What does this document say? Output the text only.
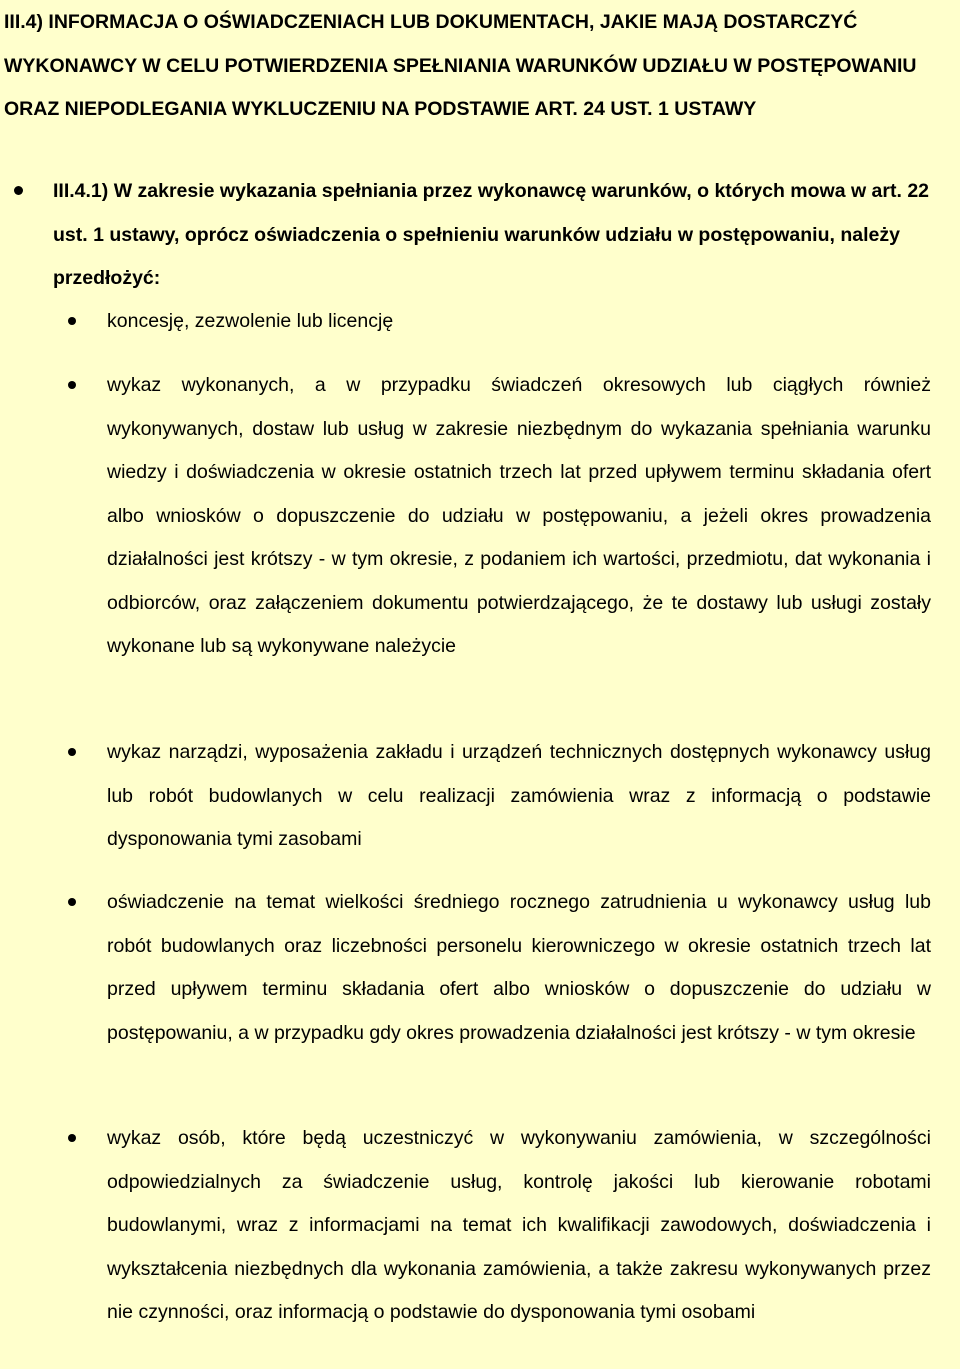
III.4) INFORMACJA O OŚWIADCZENIACH LUB DOKUMENTACH, JAKIE MAJĄ DOSTARCZYĆ WYKONAWCY W CELU POTWIERDZENIA SPEŁNIANIA WARUNKÓW UDZIAŁU W POSTĘPOWANIU ORAZ NIEPODLEGANIA WYKLUCZENIU NA PODSTAWIE ART. 24 UST. 1 USTAWY

III.4.1) W zakresie wykazania spełniania przez wykonawcę warunków, o których mowa w art. 22 ust. 1 ustawy, oprócz oświadczenia o spełnieniu warunków udziału w postępowaniu, należy przedłożyć:

koncesję, zezwolenie lub licencję

wykaz wykonanych, a w przypadku świadczeń okresowych lub ciągłych również wykonywanych, dostaw lub usług w zakresie niezbędnym do wykazania spełniania warunku wiedzy i doświadczenia w okresie ostatnich trzech lat przed upływem terminu składania ofert albo wniosków o dopuszczenie do udziału w postępowaniu, a jeżeli okres prowadzenia działalności jest krótszy - w tym okresie, z podaniem ich wartości, przedmiotu, dat wykonania i odbiorców, oraz załączeniem dokumentu potwierdzającego, że te dostawy lub usługi zostały wykonane lub są wykonywane należycie

wykaz narządzi, wyposażenia zakładu i urządzeń technicznych dostępnych wykonawcy usług lub robót budowlanych w celu realizacji zamówienia wraz z informacją o podstawie dysponowania tymi zasobami

oświadczenie na temat wielkości średniego rocznego zatrudnienia u wykonawcy usług lub robót budowlanych oraz liczebności personelu kierowniczego w okresie ostatnich trzech lat przed upływem terminu składania ofert albo wniosków o dopuszczenie do udziału w postępowaniu, a w przypadku gdy okres prowadzenia działalności jest krótszy - w tym okresie

wykaz osób, które będą uczestniczyć w wykonywaniu zamówienia, w szczególności odpowiedzialnych za świadczenie usług, kontrolę jakości lub kierowanie robotami budowlanymi, wraz z informacjami na temat ich kwalifikacji zawodowych, doświadczenia i wykształcenia niezbędnych dla wykonania zamówienia, a także zakresu wykonywanych przez nie czynności, oraz informacją o podstawie do dysponowania tymi osobami
